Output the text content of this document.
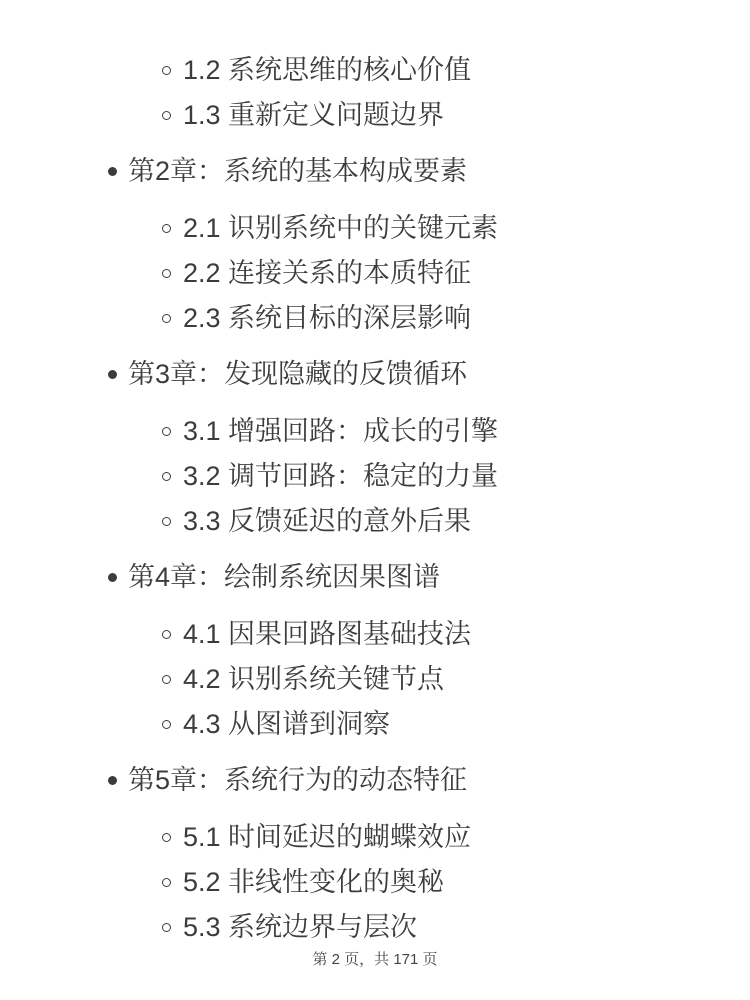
1.2 系统思维的核心价值
1.3 重新定义问题边界
第2章：系统的基本构成要素
2.1 识别系统中的关键元素
2.2 连接关系的本质特征
2.3 系统目标的深层影响
第3章：发现隐藏的反馈循环
3.1 增强回路：成长的引擎
3.2 调节回路：稳定的力量
3.3 反馈延迟的意外后果
第4章：绘制系统因果图谱
4.1 因果回路图基础技法
4.2 识别系统关键节点
4.3 从图谱到洞察
第5章：系统行为的动态特征
5.1 时间延迟的蝴蝶效应
5.2 非线性变化的奥秘
5.3 系统边界与层次
第 2 页，共 171 页
